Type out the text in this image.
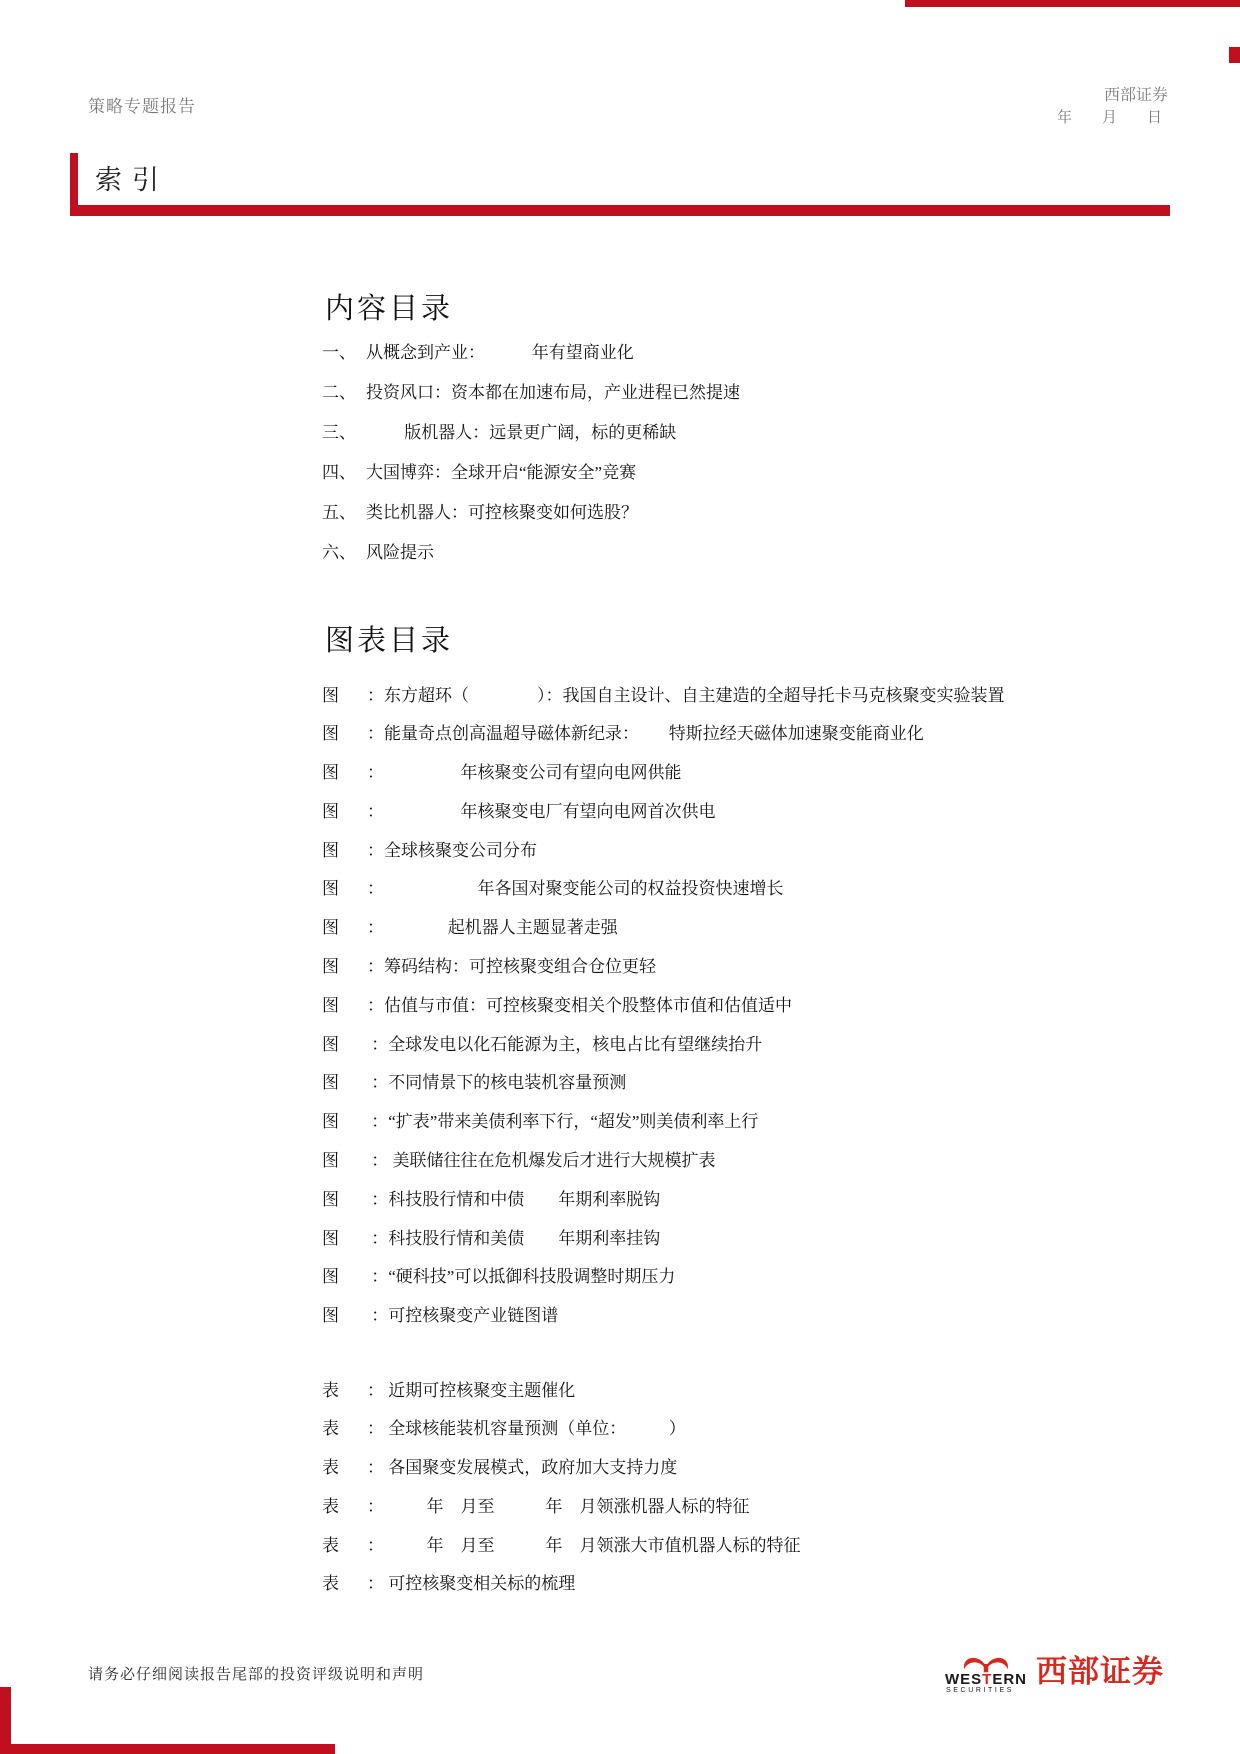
策略专题报告
西部证券
年　　月　　日
索引
内容目录
一、 从概念到产业：　　　 年有望商业化
二、 投资风口：资本都在加速布局，产业进程已然提速
三、 　　 版机器人：远景更广阔，标的更稀缺
四、 大国博弈：全球开启“能源安全”竞赛
五、 类比机器人：可控核聚变如何选股？
六、 风险提示
图表目录
图	：东方超环（　　　　）：我国自主设计、自主建造的全超导托卡马克核聚变实验装置
图	：能量奇点创高温超导磁体新纪录：　　 特斯拉经天磁体加速聚变能商业化
图	：　　　　　年核聚变公司有望向电网供能
图	：　　　　　年核聚变电厂有望向电网首次供电
图	：全球核聚变公司分布
图	：　　　　　　年各国对聚变能公司的权益投资快速增长
图	：　　　　 起机器人主题显著走强
图	：筹码结构：可控核聚变组合仓位更轻
图	：估值与市值：可控核聚变相关个股整体市值和估值适中
图	：全球发电以化石能源为主，核电占比有望继续抬升
图	：不同情景下的核电装机容量预测
图	：“扩表”带来美债利率下行，“超发”则美债利率上行
图	： 美联储往往在危机爆发后才进行大规模扩表
图	：科技股行情和中债　　年期利率脱钩
图	：科技股行情和美债　　年期利率挂钩
图	：“硬科技”可以抵御科技股调整时期压力
图	：可控核聚变产业链图谱
表	： 近期可控核聚变主题催化
表	： 全球核能装机容量预测（单位：　　　）
表	： 各国聚变发展模式，政府加大支持力度
表	：　　　年　月至　　　年　月领涨机器人标的特征
表	：　　　年　月至　　　年　月领涨大市值机器人标的特征
表	： 可控核聚变相关标的梳理
请务必仔细阅读报告尾部的投资评级说明和声明	WESTERN
SECURITIES
西部证券
